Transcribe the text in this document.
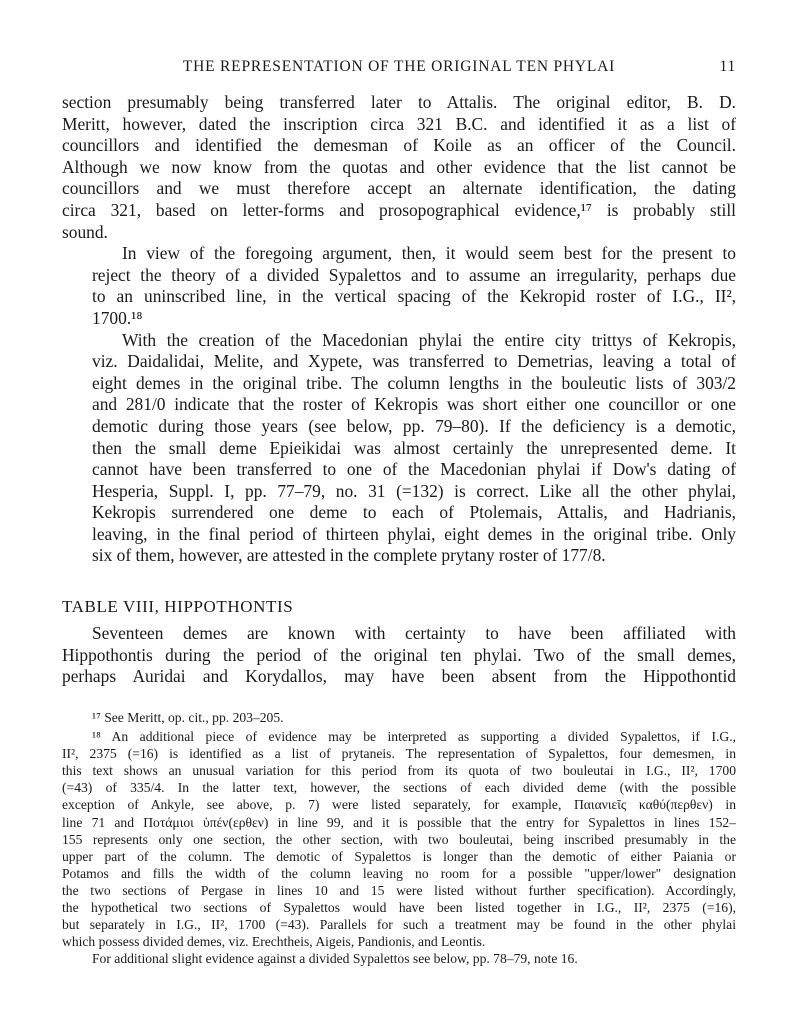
THE REPRESENTATION OF THE ORIGINAL TEN PHYLAI	11

section presumably being transferred later to Attalis. The original editor, B. D.
Meritt, however, dated the inscription circa 321 B.C. and identified it as a list of
councillors and identified the demesman of Koile as an officer of the Council.
Although we now know from the quotas and other evidence that the list cannot be
councillors and we must therefore accept an alternate identification, the dating
circa 321, based on letter-forms and prosopographical evidence,¹⁷ is probably still
sound.

In view of the foregoing argument, then, it would seem best for the present to
reject the theory of a divided Sypalettos and to assume an irregularity, perhaps due
to an uninscribed line, in the vertical spacing of the Kekropid roster of I.G., II²,
1700.¹⁸

With the creation of the Macedonian phylai the entire city trittys of Kekropis,
viz. Daidalidai, Melite, and Xypete, was transferred to Demetrias, leaving a total of
eight demes in the original tribe. The column lengths in the bouleutic lists of 303/2
and 281/0 indicate that the roster of Kekropis was short either one councillor or one
demotic during those years (see below, pp. 79–80). If the deficiency is a demotic,
then the small deme Epieikidai was almost certainly the unrepresented deme. It
cannot have been transferred to one of the Macedonian phylai if Dow's dating of
Hesperia, Suppl. I, pp. 77–79, no. 31 (=132) is correct. Like all the other phylai,
Kekropis surrendered one deme to each of Ptolemais, Attalis, and Hadrianis,
leaving, in the final period of thirteen phylai, eight demes in the original tribe. Only
six of them, however, are attested in the complete prytany roster of 177/8.

TABLE VIII, HIPPOTHONTIS

Seventeen demes are known with certainty to have been affiliated with
Hippothontis during the period of the original ten phylai. Two of the small demes,
perhaps Auridai and Korydallos, may have been absent from the Hippothontid

¹⁷ See Meritt, op. cit., pp. 203–205.

¹⁸ An additional piece of evidence may be interpreted as supporting a divided Sypalettos, if I.G.,
II², 2375 (=16) is identified as a list of prytaneis. The representation of Sypalettos, four demesmen, in
this text shows an unusual variation for this period from its quota of two bouleutai in I.G., II², 1700
(=43) of 335/4. In the latter text, however, the sections of each divided deme (with the possible
exception of Ankyle, see above, p. 7) were listed separately, for example, Παιανιεῖς καθύ(περθεν) in
line 71 and Ποτάμιοι ὑπέν(ερθεν) in line 99, and it is possible that the entry for Sypalettos in lines 152–
155 represents only one section, the other section, with two bouleutai, being inscribed presumably in the
upper part of the column. The demotic of Sypalettos is longer than the demotic of either Paiania or
Potamos and fills the width of the column leaving no room for a possible "upper/lower" designation
the two sections of Pergase in lines 10 and 15 were listed without further specification). Accordingly,
the hypothetical two sections of Sypalettos would have been listed together in I.G., II², 2375 (=16),
but separately in I.G., II², 1700 (=43). Parallels for such a treatment may be found in the other phylai
which possess divided demes, viz. Erechtheis, Aigeis, Pandionis, and Leontis.

For additional slight evidence against a divided Sypalettos see below, pp. 78–79, note 16.
